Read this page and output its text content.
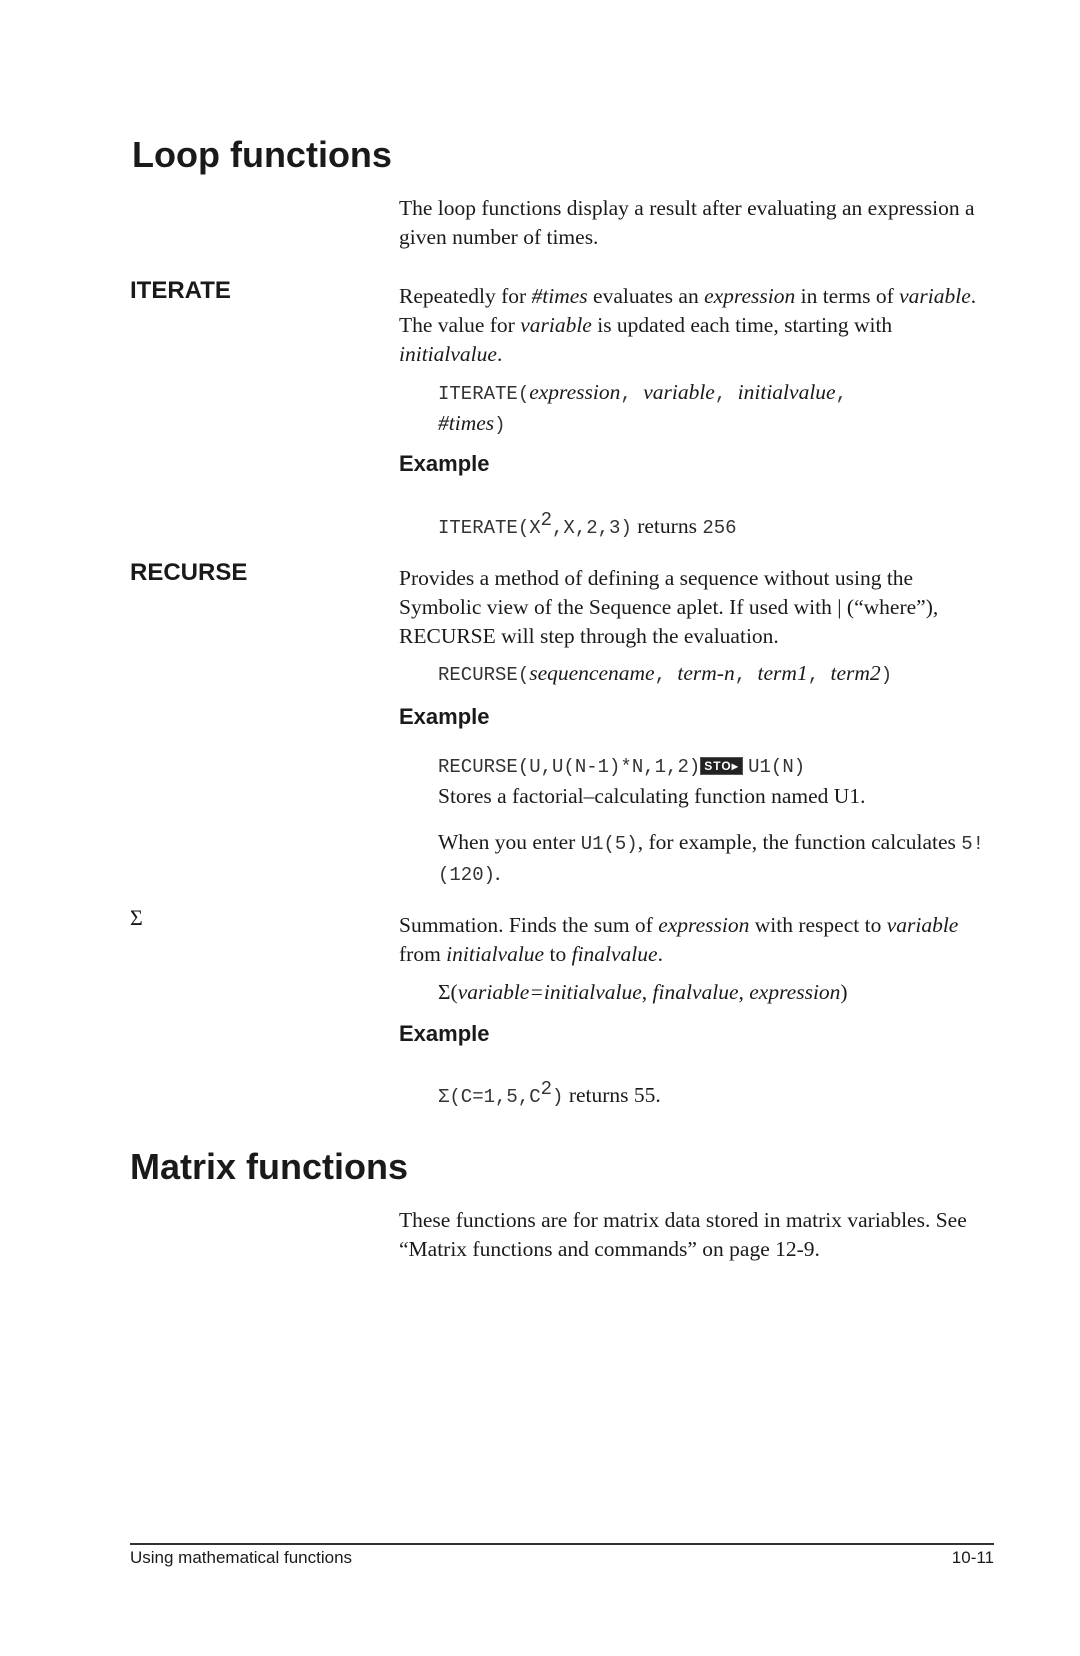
Loop functions
The loop functions display a result after evaluating an expression a given number of times.
ITERATE	Repeatedly for #times evaluates an expression in terms of variable. The value for variable is updated each time, starting with initialvalue.
ITERATE(expression, variable, initialvalue,
#times)
Example
$ITERATE(X^2,X,2,3)$ returns 256
RECURSE	Provides a method of defining a sequence without using the Symbolic view of the Sequence aplet. If used with | (“where”), RECURSE will step through the evaluation.
RECURSE(sequencename, term-n, term1, term2)
Example
RECURSE(U,U(N-1)*N,1,2) STO▸ U1(N)
Stores a factorial–calculating function named U1.
When you enter U1(5), for example, the function calculates 5! (120).
Σ	Summation. Finds the sum of expression with respect to variable from initialvalue to finalvalue.
Σ(variable=initialvalue, finalvalue, expression)
Example
$\Sigma(C=1,5,C^2)$ returns 55.
Matrix functions
These functions are for matrix data stored in matrix variables. See “Matrix functions and commands” on page 12-9.
Using mathematical functions	10-11
